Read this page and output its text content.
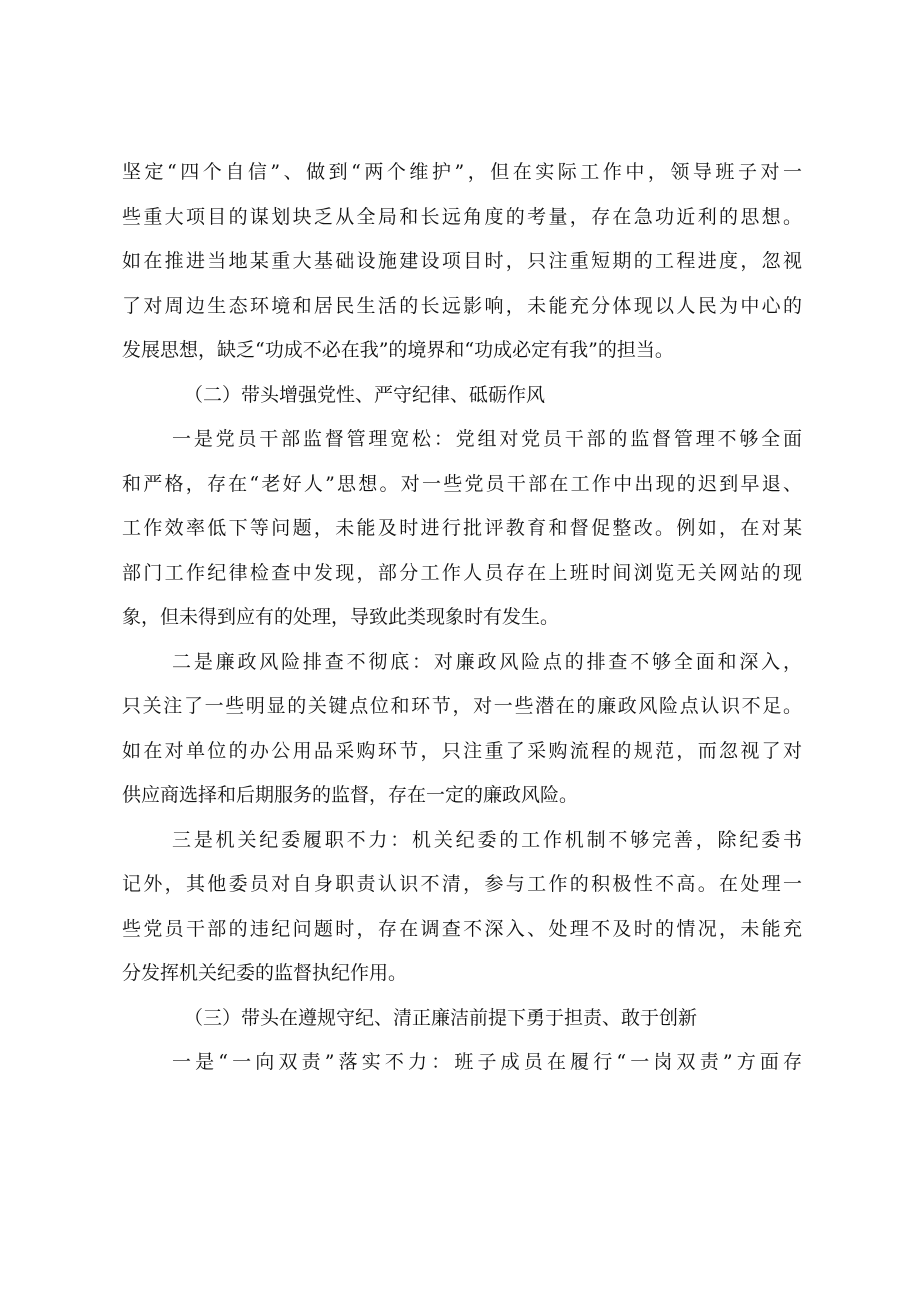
坚定“四个自信”、做到“两个维护”，但在实际工作中，领导班子对一
些重大项目的谋划块乏从全局和长远角度的考量，存在急功近利的思想。
如在推进当地某重大基础设施建设项目时，只注重短期的工程进度，忽视
了对周边生态环境和居民生活的长远影响，未能充分体现以人民为中心的
发展思想，缺乏“功成不必在我”的境界和“功成必定有我”的担当。
（二）带头增强党性、严守纪律、砥砺作风
一是党员干部监督管理宽松：党组对党员干部的监督管理不够全面
和严格，存在“老好人”思想。对一些党员干部在工作中出现的迟到早退、
工作效率低下等问题，未能及时进行批评教育和督促整改。例如，在对某
部门工作纪律检查中发现，部分工作人员存在上班时间浏览无关网站的现
象，但未得到应有的处理，导致此类现象时有发生。
二是廉政风险排查不彻底：对廉政风险点的排查不够全面和深入，
只关注了一些明显的关键点位和环节，对一些潜在的廉政风险点认识不足。
如在对单位的办公用品采购环节，只注重了采购流程的规范，而忽视了对
供应商选择和后期服务的监督，存在一定的廉政风险。
三是机关纪委履职不力：机关纪委的工作机制不够完善，除纪委书
记外，其他委员对自身职责认识不清，参与工作的积极性不高。在处理一
些党员干部的违纪问题时，存在调查不深入、处理不及时的情况，未能充
分发挥机关纪委的监督执纪作用。
（三）带头在遵规守纪、清正廉洁前提下勇于担责、敢于创新
一是“一向双责”落实不力：班子成员在履行“一岗双责”方面存
